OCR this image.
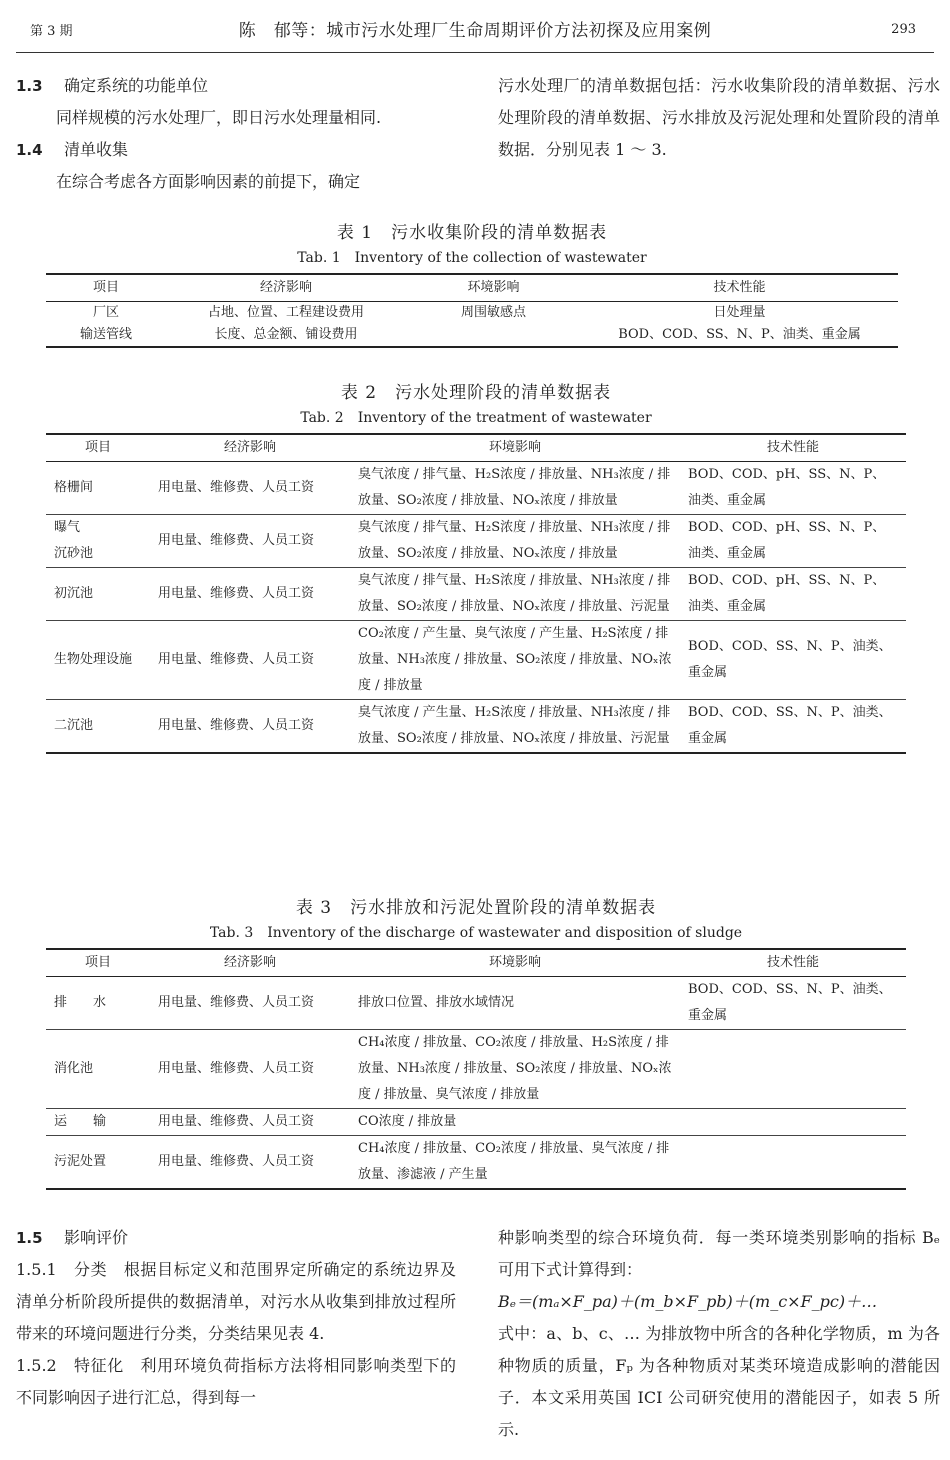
第 3 期	陈　郁等：城市污水处理厂生命周期评价方法初探及应用案例	293
1.3 确定系统的功能单位
同样规模的污水处理厂，即日污水处理量相同.
1.4 清单收集
在综合考虑各方面影响因素的前提下，确定
污水处理厂的清单数据包括：污水收集阶段的清单数据、污水处理阶段的清单数据、污水排放及污泥处理和处置阶段的清单数据．分别见表 1 ～ 3.
表 1　污水收集阶段的清单数据表
Tab. 1　Inventory of the collection of wastewater
项目	经济影响	环境影响	技术性能
厂区	占地、位置、工程建设费用	周围敏感点	日处理量
输送管线	长度、总金额、铺设费用		BOD、COD、SS、N、P、油类、重金属
表 2　污水处理阶段的清单数据表
Tab. 2　Inventory of the treatment of wastewater
项目	经济影响	环境影响	技术性能
格栅间	用电量、维修费、人员工资	臭气浓度 / 排气量、H₂S浓度 / 排放量、NH₃浓度 / 排放量、SO₂浓度 / 排放量、NOₓ浓度 / 排放量	BOD、COD、pH、SS、N、P、油类、重金属
曝气
沉砂池	用电量、维修费、人员工资	臭气浓度 / 排气量、H₂S浓度 / 排放量、NH₃浓度 / 排放量、SO₂浓度 / 排放量、NOₓ浓度 / 排放量	BOD、COD、pH、SS、N、P、油类、重金属
初沉池	用电量、维修费、人员工资	臭气浓度 / 排气量、H₂S浓度 / 排放量、NH₃浓度 / 排放量、SO₂浓度 / 排放量、NOₓ浓度 / 排放量、污泥量	BOD、COD、pH、SS、N、P、油类、重金属
生物处理设施	用电量、维修费、人员工资	CO₂浓度 / 产生量、臭气浓度 / 产生量、H₂S浓度 / 排放量、NH₃浓度 / 排放量、SO₂浓度 / 排放量、NOₓ浓度 / 排放量	BOD、COD、SS、N、P、油类、重金属
二沉池	用电量、维修费、人员工资	臭气浓度 / 产生量、H₂S浓度 / 排放量、NH₃浓度 / 排放量、SO₂浓度 / 排放量、NOₓ浓度 / 排放量、污泥量	BOD、COD、SS、N、P、油类、重金属
表 3　污水排放和污泥处置阶段的清单数据表
Tab. 3　Inventory of the discharge of wastewater and disposition of sludge
项目	经济影响	环境影响	技术性能
排　　水	用电量、维修费、人员工资	排放口位置、排放水域情况	BOD、COD、SS、N、P、油类、重金属
消化池	用电量、维修费、人员工资	CH₄浓度 / 排放量、CO₂浓度 / 排放量、H₂S浓度 / 排放量、NH₃浓度 / 排放量、SO₂浓度 / 排放量、NOₓ浓度 / 排放量、臭气浓度 / 排放量	
运　　输	用电量、维修费、人员工资	CO浓度 / 排放量	
污泥处置	用电量、维修费、人员工资	CH₄浓度 / 排放量、CO₂浓度 / 排放量、臭气浓度 / 排放量、渗滤液 / 产生量	
1.5 影响评价
1.5.1　分类　根据目标定义和范围界定所确定的系统边界及清单分析阶段所提供的数据清单，对污水从收集到排放过程所带来的环境问题进行分类，分类结果见表 4.
1.5.2　特征化　利用环境负荷指标方法将相同影响类型下的不同影响因子进行汇总，得到每一
种影响类型的综合环境负荷．每一类环境类别影响的指标 Bₑ 可用下式计算得到：
Bₑ＝(mₐ×F_pa)＋(m_b×F_pb)＋(m_c×F_pc)＋…
式中：a、b、c、… 为排放物中所含的各种化学物质，m 为各种物质的质量，Fₚ 为各种物质对某类环境造成影响的潜能因子．本文采用英国 ICI 公司研究使用的潜能因子，如表 5 所示.
